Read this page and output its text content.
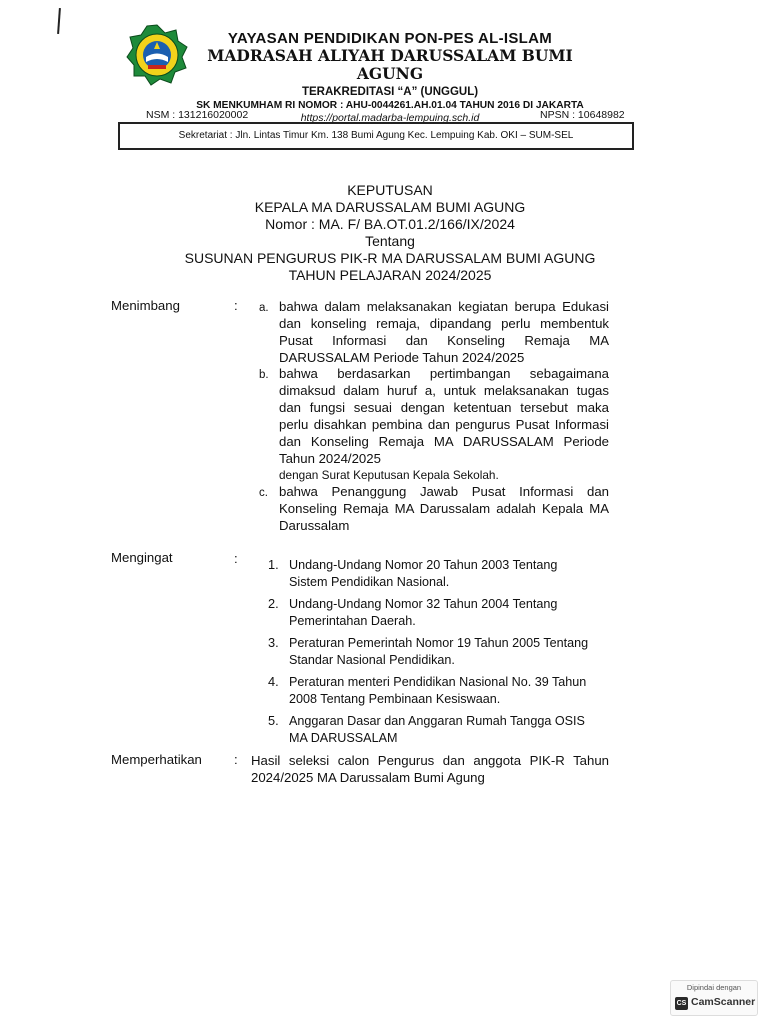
YAYASAN PENDIDIKAN PON-PES AL-ISLAM
MADRASAH ALIYAH DARUSSALAM BUMI AGUNG
TERAKREDITASI “A” (UNGGUL)
SK MENKUMHAM RI NOMOR : AHU-0044261.AH.01.04 TAHUN 2016 DI JAKARTA
https://portal.madarba-lempuing.sch.id
NSM : 131216020002	NPSN : 10648982
Sekretariat : Jln. Lintas Timur Km. 138 Bumi Agung Kec. Lempuing Kab. OKI – SUM-SEL
KEPUTUSAN
KEPALA MA DARUSSALAM BUMI AGUNG
Nomor : MA. F/ BA.OT.01.2/166/IX/2024
Tentang
SUSUNAN PENGURUS PIK-R MA DARUSSALAM BUMI AGUNG
TAHUN PELAJARAN 2024/2025
Menimbang	: a. bahwa dalam melaksanakan kegiatan berupa Edukasi dan konseling remaja, dipandang perlu membentuk Pusat Informasi dan Konseling Remaja MA DARUSSALAM Periode Tahun 2024/2025
b. bahwa berdasarkan pertimbangan sebagaimana dimaksud dalam huruf a, untuk melaksanakan tugas dan fungsi sesuai dengan ketentuan tersebut maka perlu disahkan pembina dan pengurus Pusat Informasi dan Konseling Remaja MA DARUSSALAM Periode Tahun 2024/2025
dengan Surat Keputusan Kepala Sekolah.
c. bahwa Penanggung Jawab Pusat Informasi dan Konseling Remaja MA Darussalam adalah Kepala MA Darussalam
Mengingat	: 1. Undang-Undang Nomor 20 Tahun 2003 Tentang
Sistem Pendidikan Nasional.
2. Undang-Undang Nomor 32 Tahun 2004 Tentang
Pemerintahan Daerah.
3. Peraturan Pemerintah Nomor 19 Tahun 2005 Tentang
Standar Nasional Pendidikan.
4. Peraturan menteri Pendidikan Nasional No. 39 Tahun
2008 Tentang Pembinaan Kesiswaan.
5. Anggaran Dasar dan Anggaran Rumah Tangga OSIS
MA DARUSSALAM
Memperhatikan : Hasil seleksi calon Pengurus dan anggota PIK-R Tahun 2024/2025 MA Darussalam Bumi Agung
Dipindai dengan
CS CamScanner
